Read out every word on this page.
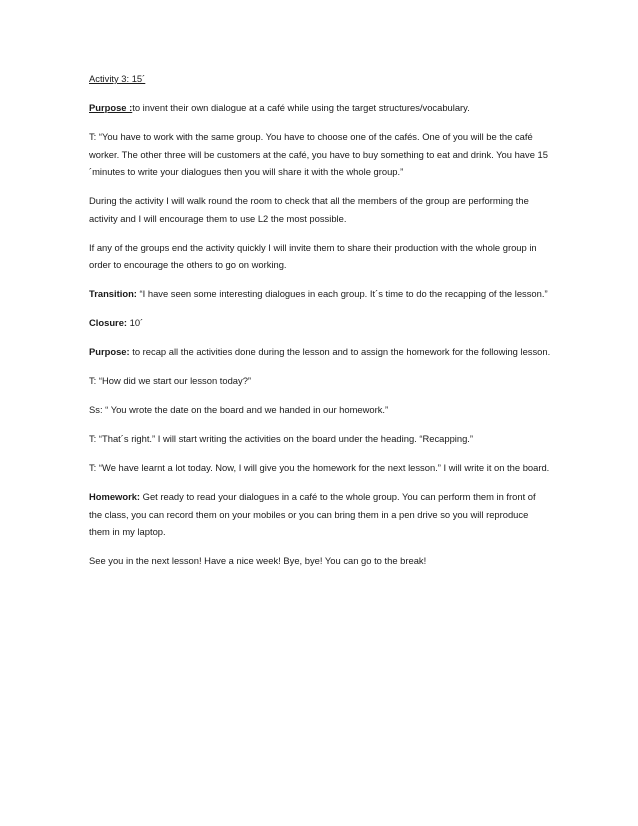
Activity 3: 15´

Purpose :to invent their own dialogue at a café while using the target structures/vocabulary.

T: “You have to work with the same group. You have to choose one of the cafés. One of you will be the café worker. The other three will be customers at the café, you have to buy something to eat and drink. You have 15´minutes to write your dialogues then you will share it with the whole group.”

During the activity I will walk round the room to check that all the members of the group are performing the activity and I will encourage them to use L2 the most possible.

If any of the groups end the activity quickly I will invite them to share their production with the whole group in order to encourage the others to go on working.

Transition: “I have seen some interesting dialogues in each group. It´s time to do the recapping of the lesson.”

Closure: 10´

Purpose: to recap all the activities done during the lesson and to assign the homework for the following lesson.

T: “How did we start our lesson today?”

Ss: “ You wrote the date on the board and we handed in our homework.”

T: “That´s right.” I will start writing the activities on the board under the heading. “Recapping.”

T: “We have learnt a lot today. Now, I will give you the homework for the next lesson.” I will write it on the board.

Homework: Get ready to read your dialogues in a café to the whole group. You can perform them in front of the class, you can record them on your mobiles or you can bring them in a pen drive so you will reproduce them in my laptop.

See you in the next lesson! Have a nice week! Bye, bye! You can go to the break!
